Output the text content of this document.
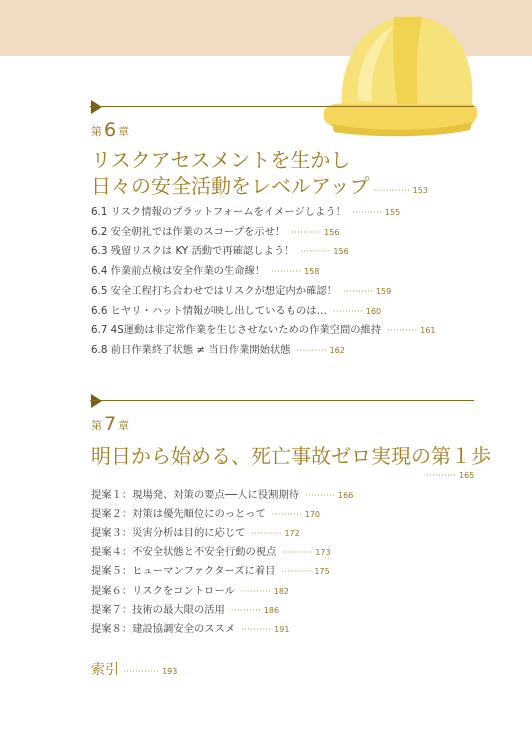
第 6 章
リスクアセスメントを生かし
日々の安全活動をレベルアップ ············ 153
6.1 リスク情報のプラットフォームをイメージしよう！ ·········· 155
6.2 安全朝礼では作業のスコープを示せ！ ·········· 156
6.3 残留リスクは KY 活動で再確認しよう！ ·········· 156
6.4 作業前点検は安全作業の生命線！ ·········· 158
6.5 安全工程打ち合わせではリスクが想定内か確認！ ·········· 159
6.6 ヒヤリ・ハット情報が映し出しているものは… ·········· 160
6.7 4S運動は非定常作業を生じさせないための作業空間の維持 ·········· 161
6.8 前日作業終了状態 ≠ 当日作業開始状態 ·········· 162
第 7 章
明日から始める、死亡事故ゼロ実現の第１歩
·········· 165
提案１：現場発、対策の要点──人に役割期待 ·········· 166
提案２：対策は優先順位にのっとって ·········· 170
提案３：災害分析は目的に応じて ·········· 172
提案４：不安全状態と不安全行動の視点 ·········· 173
提案５：ヒューマンファクターズに着目 ·········· 175
提案６：リスクをコントロール ·········· 182
提案７：技術の最大限の活用 ·········· 186
提案８：建設協調安全のススメ ·········· 191
索引 ············ 193
